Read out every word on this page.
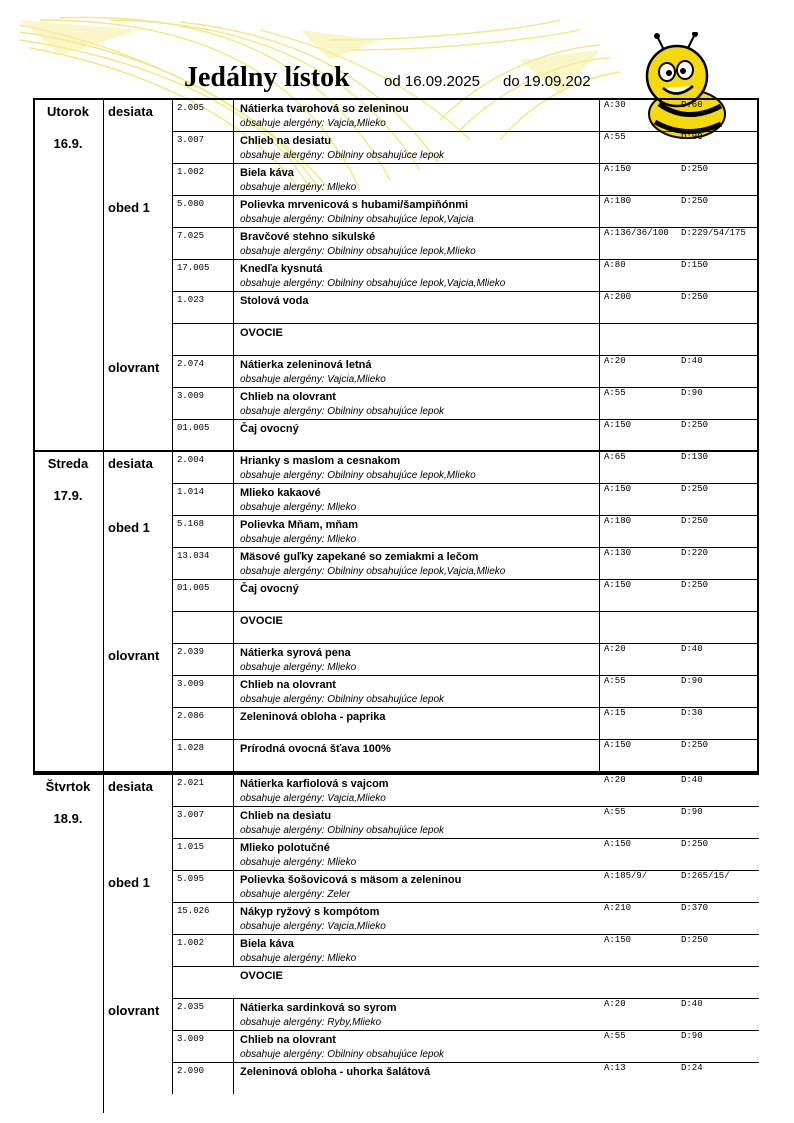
Jedálny lístok od 16.09.2025 do 19.09.202
Utorok
16.9.
desiata	2.005	Nátierka tvarohová so zeleninou
obsahuje alergény: Vajcia,Mlieko
A:30	D:60
3.007	Chlieb na desiatu
obsahuje alergény: Obilniny obsahujúce lepok
A:55	D:90
1.002	Biela káva
obsahuje alergény: Mlieko
A:150	D:250
obed 1	5.080	Polievka mrvenicová s hubami/šampiňónmi
obsahuje alergény: Obilniny obsahujúce lepok,Vajcia
A:180	D:250
7.025	Bravčové stehno sikulské
obsahuje alergény: Obilniny obsahujúce lepok,Mlieko
A:136/36/100 D:229/54/175
17.005	Knedľa kysnutá
obsahuje alergény: Obilniny obsahujúce lepok,Vajcia,Mlieko
A:80	D:150
1.023	Stolová voda	A:200	D:250
OVOCIE
olovrant 2.074	Nátierka zeleninová letná
obsahuje alergény: Vajcia,Mlieko
A:20	D:40
3.009	Chlieb na olovrant
obsahuje alergény: Obilniny obsahujúce lepok
A:55	D:90
01.005	Čaj ovocný	A:150	D:250
Streda
17.9.
desiata	2.004	Hrianky s maslom a cesnakom
obsahuje alergény: Obilniny obsahujúce lepok,Mlieko
A:65	D:130
1.014	Mlieko kakaové
obsahuje alergény: Mlieko
A:150	D:250
obed 1	5.168	Polievka Mňam, mňam
obsahuje alergény: Mlieko
A:180	D:250
13.034	Mäsové guľky zapekané so zemiakmi a lečom
obsahuje alergény: Obilniny obsahujúce lepok,Vajcia,Mlieko
A:130	D:220
01.005	Čaj ovocný	A:150	D:250
OVOCIE
olovrant 2.039	Nátierka syrová pena
obsahuje alergény: Mlieko
A:20	D:40
3.009	Chlieb na olovrant
obsahuje alergény: Obilniny obsahujúce lepok
A:55	D:90
2.086	Zeleninová obloha - paprika	A:15	D:30
1.028	Prírodná ovocná šťava 100%	A:150	D:250
Štvrtok
18.9.
desiata	2.021	Nátierka karfiolová s vajcom
obsahuje alergény: Vajcia,Mlieko
A:20	D:40
3.007	Chlieb na desiatu
obsahuje alergény: Obilniny obsahujúce lepok
A:55	D:90
1.015	Mlieko polotučné
obsahuje alergény: Mlieko
A:150	D:250
obed 1	5.095	Polievka šošovicová s mäsom a zeleninou
obsahuje alergény: Zeler
A:185/9/	D:265/15/
15.026	Nákyp ryžový s kompótom
obsahuje alergény: Vajcia,Mlieko
A:210	D:370
1.002	Biela káva
obsahuje alergény: Mlieko
A:150	D:250
OVOCIE
olovrant 2.035	Nátierka sardinková so syrom
obsahuje alergény: Ryby,Mlieko
A:20	D:40
3.009	Chlieb na olovrant
obsahuje alergény: Obilniny obsahujúce lepok
A:55	D:90
2.090	Zeleninová obloha - uhorka šalátová	A:13	D:24
